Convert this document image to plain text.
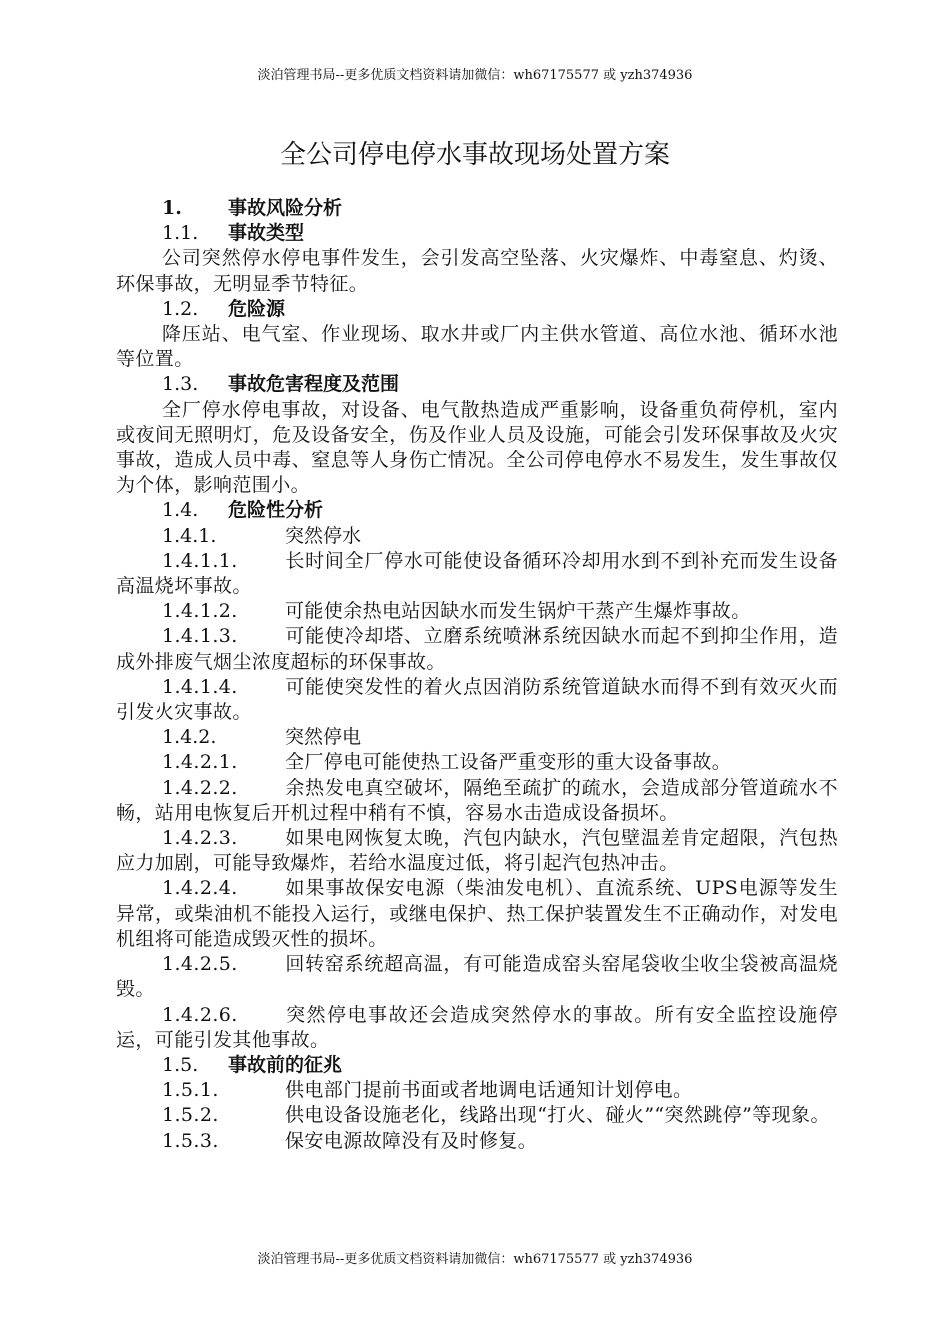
淡泊管理书局--更多优质文档资料请加微信：wh67175577 或 yzh374936
全公司停电停水事故现场处置方案
1. 事故风险分析
1.1. 事故类型
公司突然停水停电事件发生，会引发高空坠落、火灾爆炸、中毒窒息、灼烫、环保事故，无明显季节特征。
1.2. 危险源
降压站、电气室、作业现场、取水井或厂内主供水管道、高位水池、循环水池等位置。
1.3. 事故危害程度及范围
全厂停水停电事故，对设备、电气散热造成严重影响，设备重负荷停机，室内或夜间无照明灯，危及设备安全，伤及作业人员及设施，可能会引发环保事故及火灾事故，造成人员中毒、窒息等人身伤亡情况。全公司停电停水不易发生，发生事故仅为个体，影响范围小。
1.4. 危险性分析
1.4.1.	突然停水
1.4.1.1. 长时间全厂停水可能使设备循环冷却用水到不到补充而发生设备高温烧坏事故。
1.4.1.2. 可能使余热电站因缺水而发生锅炉干蒸产生爆炸事故。
1.4.1.3. 可能使冷却塔、立磨系统喷淋系统因缺水而起不到抑尘作用，造成外排废气烟尘浓度超标的环保事故。
1.4.1.4. 可能使突发性的着火点因消防系统管道缺水而得不到有效灭火而引发火灾事故。
1.4.2.	突然停电
1.4.2.1. 全厂停电可能使热工设备严重变形的重大设备事故。
1.4.2.2. 余热发电真空破坏，隔绝至疏扩的疏水，会造成部分管道疏水不畅，站用电恢复后开机过程中稍有不慎，容易水击造成设备损坏。
1.4.2.3. 如果电网恢复太晚，汽包内缺水，汽包壁温差肯定超限，汽包热应力加剧，可能导致爆炸，若给水温度过低，将引起汽包热冲击。
1.4.2.4. 如果事故保安电源（柴油发电机）、直流系统、UPS电源等发生异常，或柴油机不能投入运行，或继电保护、热工保护装置发生不正确动作，对发电机组将可能造成毁灭性的损坏。
1.4.2.5. 回转窑系统超高温，有可能造成窑头窑尾袋收尘收尘袋被高温烧毁。
1.4.2.6. 突然停电事故还会造成突然停水的事故。所有安全监控设施停运，可能引发其他事故。
1.5. 事故前的征兆
1.5.1.	供电部门提前书面或者地调电话通知计划停电。
1.5.2.	供电设备设施老化，线路出现“打火、碰火”“突然跳停”等现象。
1.5.3.	保安电源故障没有及时修复。
淡泊管理书局--更多优质文档资料请加微信：wh67175577 或 yzh374936
